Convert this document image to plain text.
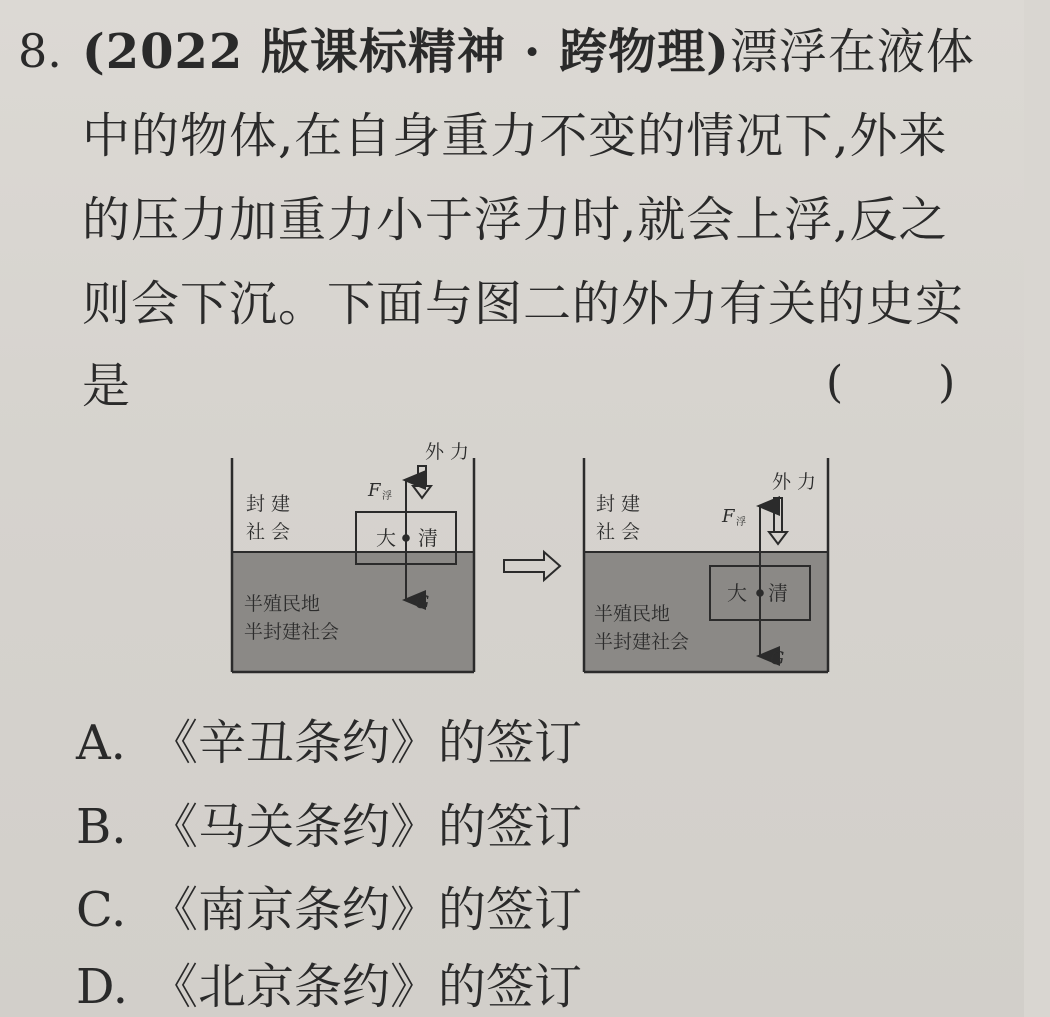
8. (2022 版课标精神 · 跨物理)漂浮在液体
中的物体,在自身重力不变的情况下,外来
的压力加重力小于浮力时,就会上浮,反之
则会下沉。下面与图二的外力有关的史实
是	()
封 建
社 会
半殖民地
半封建社会
大 清
F 浮
G
外 力
封 建
社 会
半殖民地
半封建社会
大 清
F 浮
G
外 力
A. 《辛丑条约》的签订
B. 《马关条约》的签订
C. 《南京条约》的签订
D. 《北京条约》的签订
